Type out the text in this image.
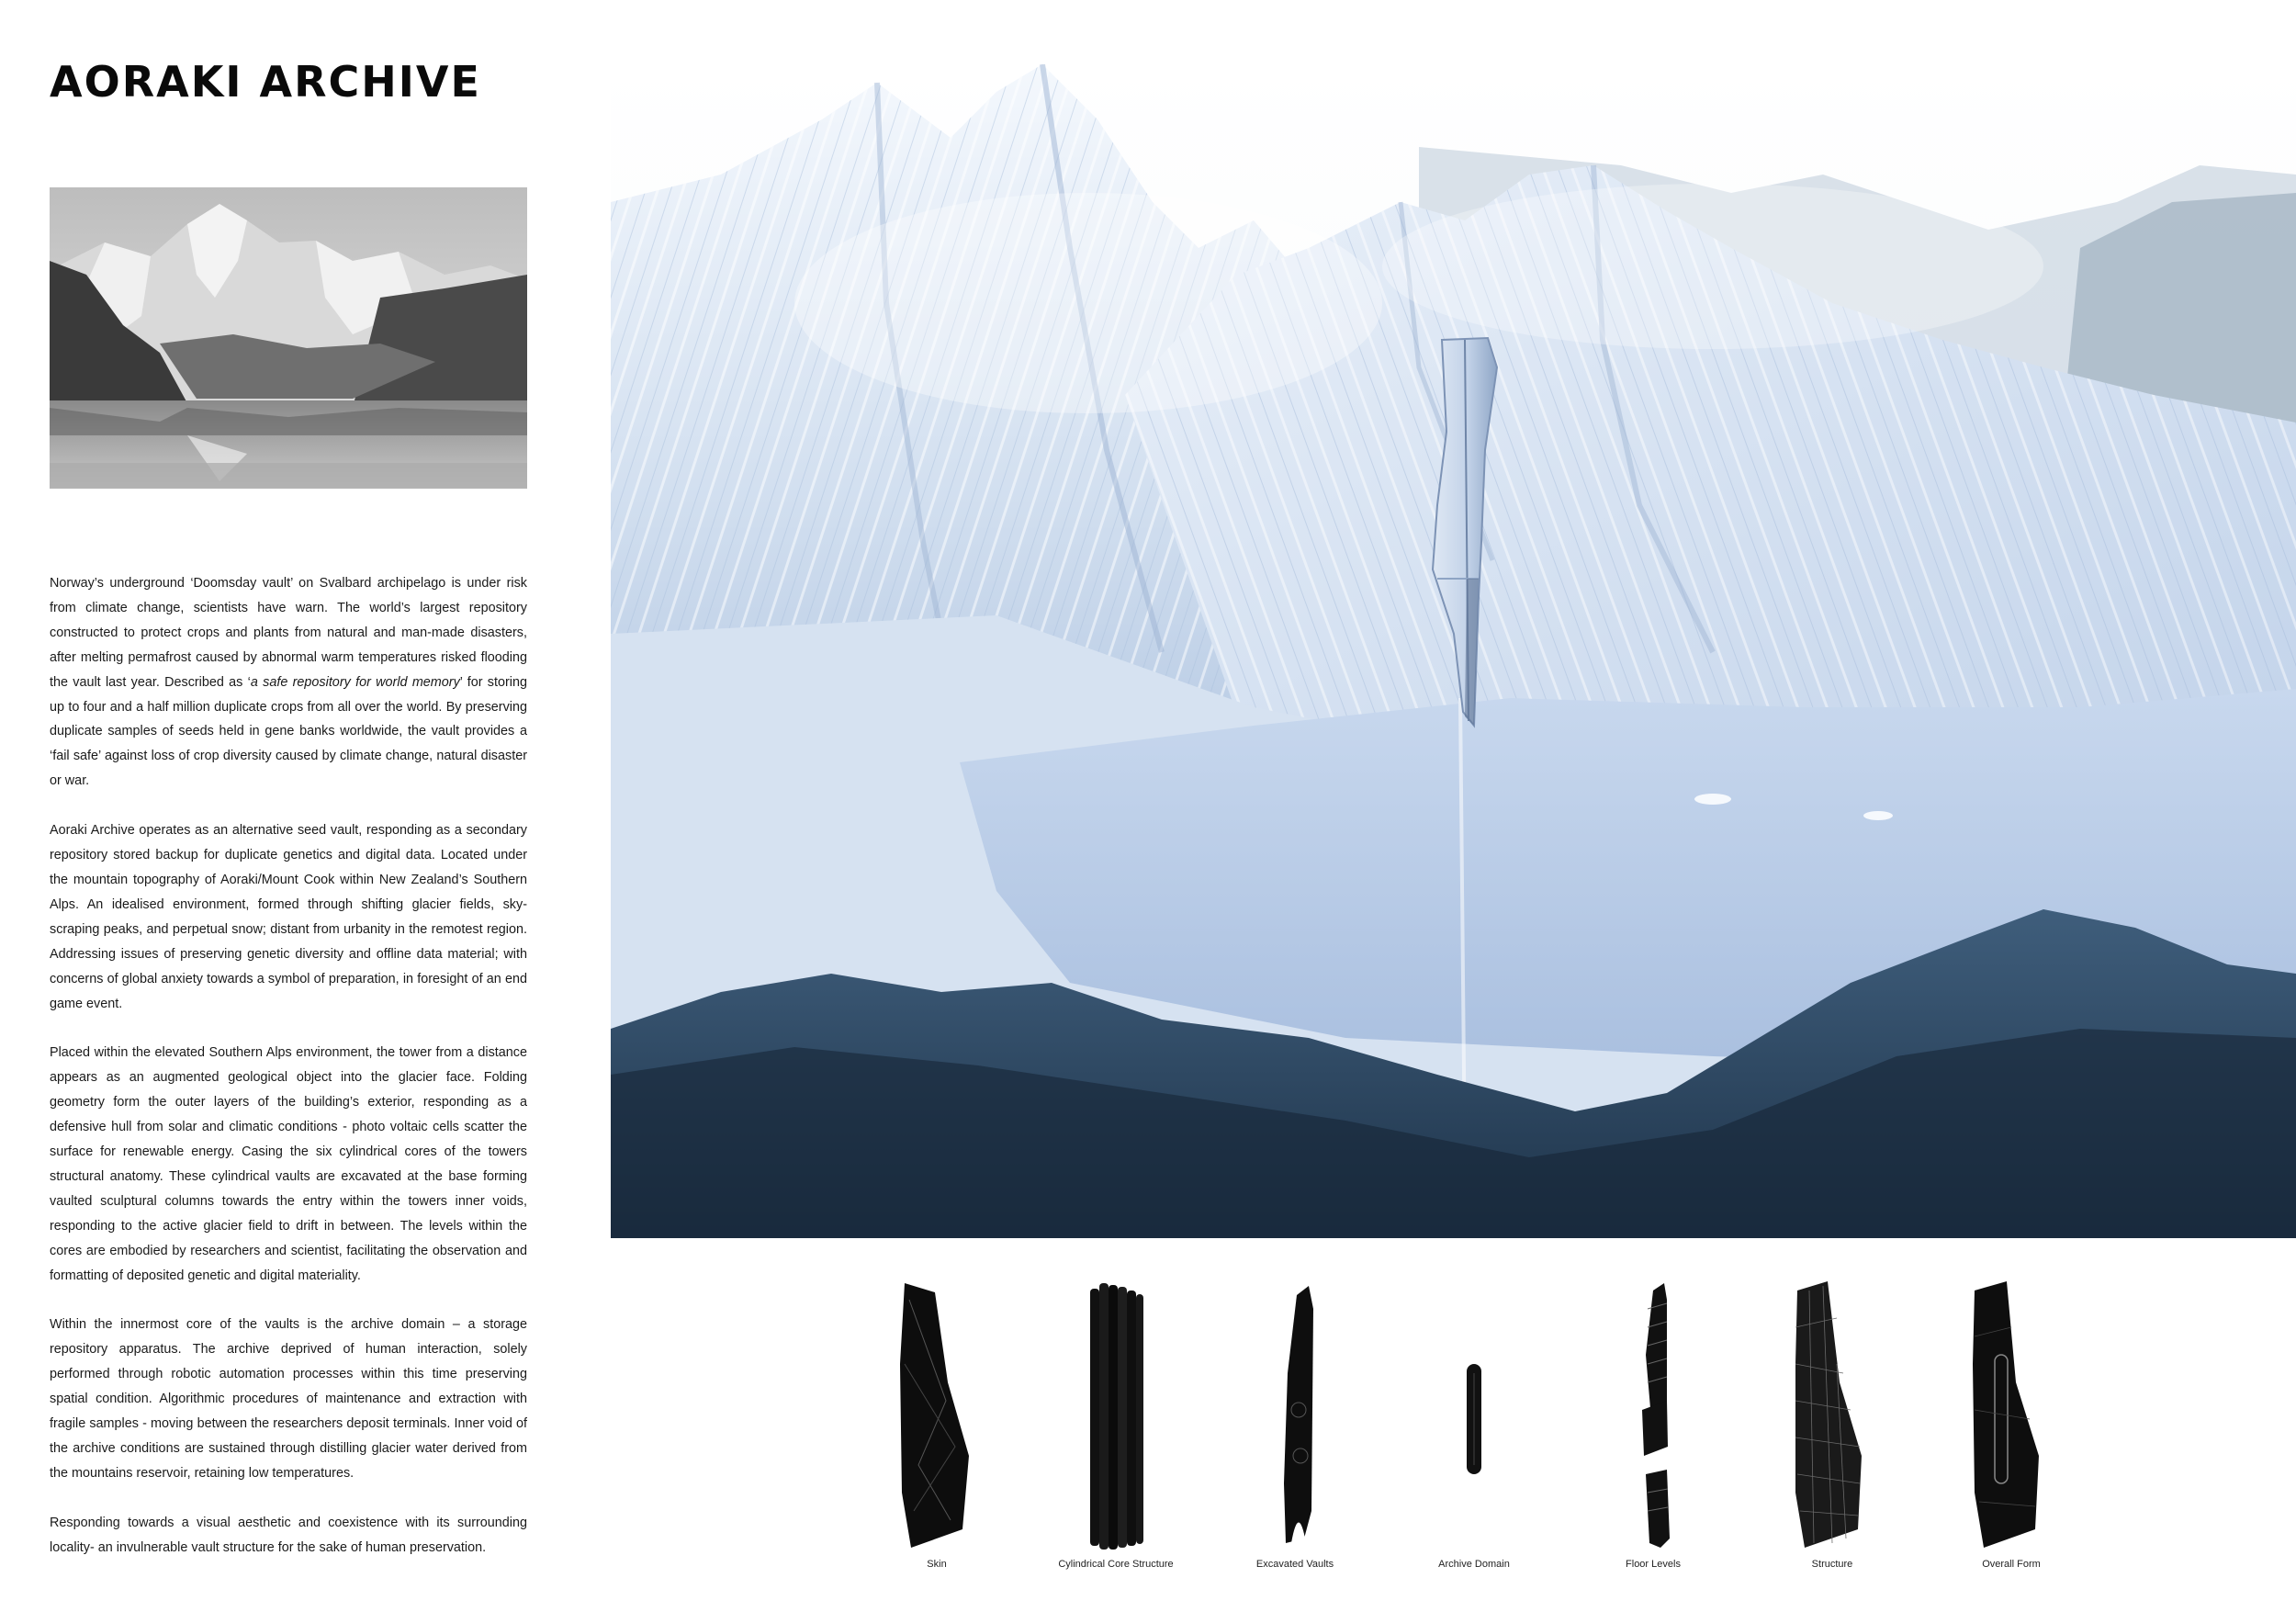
AORAKI ARCHIVE

Norway’s underground ‘Doomsday vault’ on Svalbard archipelago is under risk from climate change, scientists have warn. The world’s largest repository constructed to protect crops and plants from natural and man-made disasters, after melting permafrost caused by abnormal warm temperatures risked flooding the vault last year. Described as ‘a safe repository for world memory’ for storing up to four and a half million duplicate crops from all over the world. By preserving duplicate samples of seeds held in gene banks worldwide, the vault provides a ‘fail safe’ against loss of crop diversity caused by climate change, natural disaster or war.

Aoraki Archive operates as an alternative seed vault, responding as a secondary repository stored backup for duplicate genetics and digital data. Located under the mountain topography of Aoraki/Mount Cook within New Zealand’s Southern Alps. An idealised environment, formed through shifting glacier fields, sky-scraping peaks, and perpetual snow; distant from urbanity in the remotest region. Addressing issues of preserving genetic diversity and offline data material; with concerns of global anxiety towards a symbol of preparation, in foresight of an end game event.

Placed within the elevated Southern Alps environment, the tower from a distance appears as an augmented geological object into the glacier face. Folding geometry form the outer layers of the building’s exterior, responding as a defensive hull from solar and climatic conditions - photo voltaic cells scatter the surface for renewable energy. Casing the six cylindrical cores of the towers structural anatomy. These cylindrical vaults are excavated at the base forming vaulted sculptural columns towards the entry within the towers inner voids, responding to the active glacier field to drift in between. The levels within the cores are embodied by researchers and scientist, facilitating the observation and formatting of deposited genetic and digital materiality.

Within the innermost core of the vaults is the archive domain – a storage repository apparatus. The archive deprived of human interaction, solely performed through robotic automation processes within this time preserving spatial condition. Algorithmic procedures of maintenance and extraction with fragile samples - moving between the researchers deposit terminals. Inner void of the archive conditions are sustained through distilling glacier water derived from the mountains reservoir, retaining low temperatures.

Responding towards a visual aesthetic and coexistence with its surrounding locality- an invulnerable vault structure for the sake of human preservation.

Skin	Cylindrical Core Structure	Excavated Vaults	Archive Domain	Floor Levels	Structure	Overall Form
